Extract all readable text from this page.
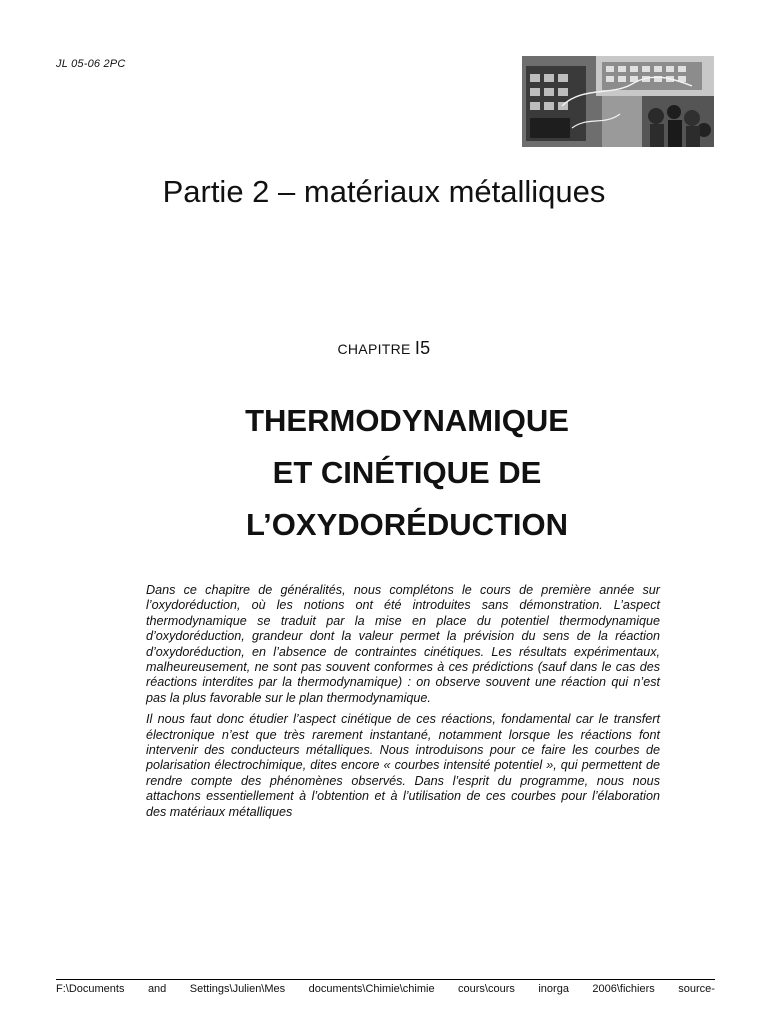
JL 05-06 2PC
Partie 2 – matériaux métalliques
CHAPITRE I5
THERMODYNAMIQUE
ET CINÉTIQUE DE
L’OXYDORÉDUCTION

Dans ce chapitre de généralités, nous complétons le cours de première année sur l’oxydoréduction, où les notions ont été introduites sans démonstration. L’aspect thermodynamique se traduit par la mise en place du potentiel thermodynamique d’oxydoréduction, grandeur dont la valeur permet la prévision du sens de la réaction d’oxydoréduction, en l’absence de contraintes cinétiques. Les résultats expérimentaux, malheureusement, ne sont pas souvent conformes à ces prédictions (sauf dans le cas des réactions interdites par la thermodynamique) : on observe souvent une réaction qui n’est pas la plus favorable sur le plan thermodynamique.

Il nous faut donc étudier l’aspect cinétique de ces réactions, fondamental car le transfert électronique n’est que très rarement instantané, notamment lorsque les réactions font intervenir des conducteurs métalliques. Nous introduisons pour ce faire les courbes de polarisation électrochimique, dites encore « courbes intensité potentiel », qui permettent de rendre compte des phénomènes observés. Dans l’esprit du programme, nous nous attachons essentiellement à l’obtention et à l’utilisation de ces courbes pour l’élaboration des matériaux métalliques

F:\Documents and Settings\Julien\Mes documents\Chimie\chimie cours\cours inorga 2006\fichiers source-
